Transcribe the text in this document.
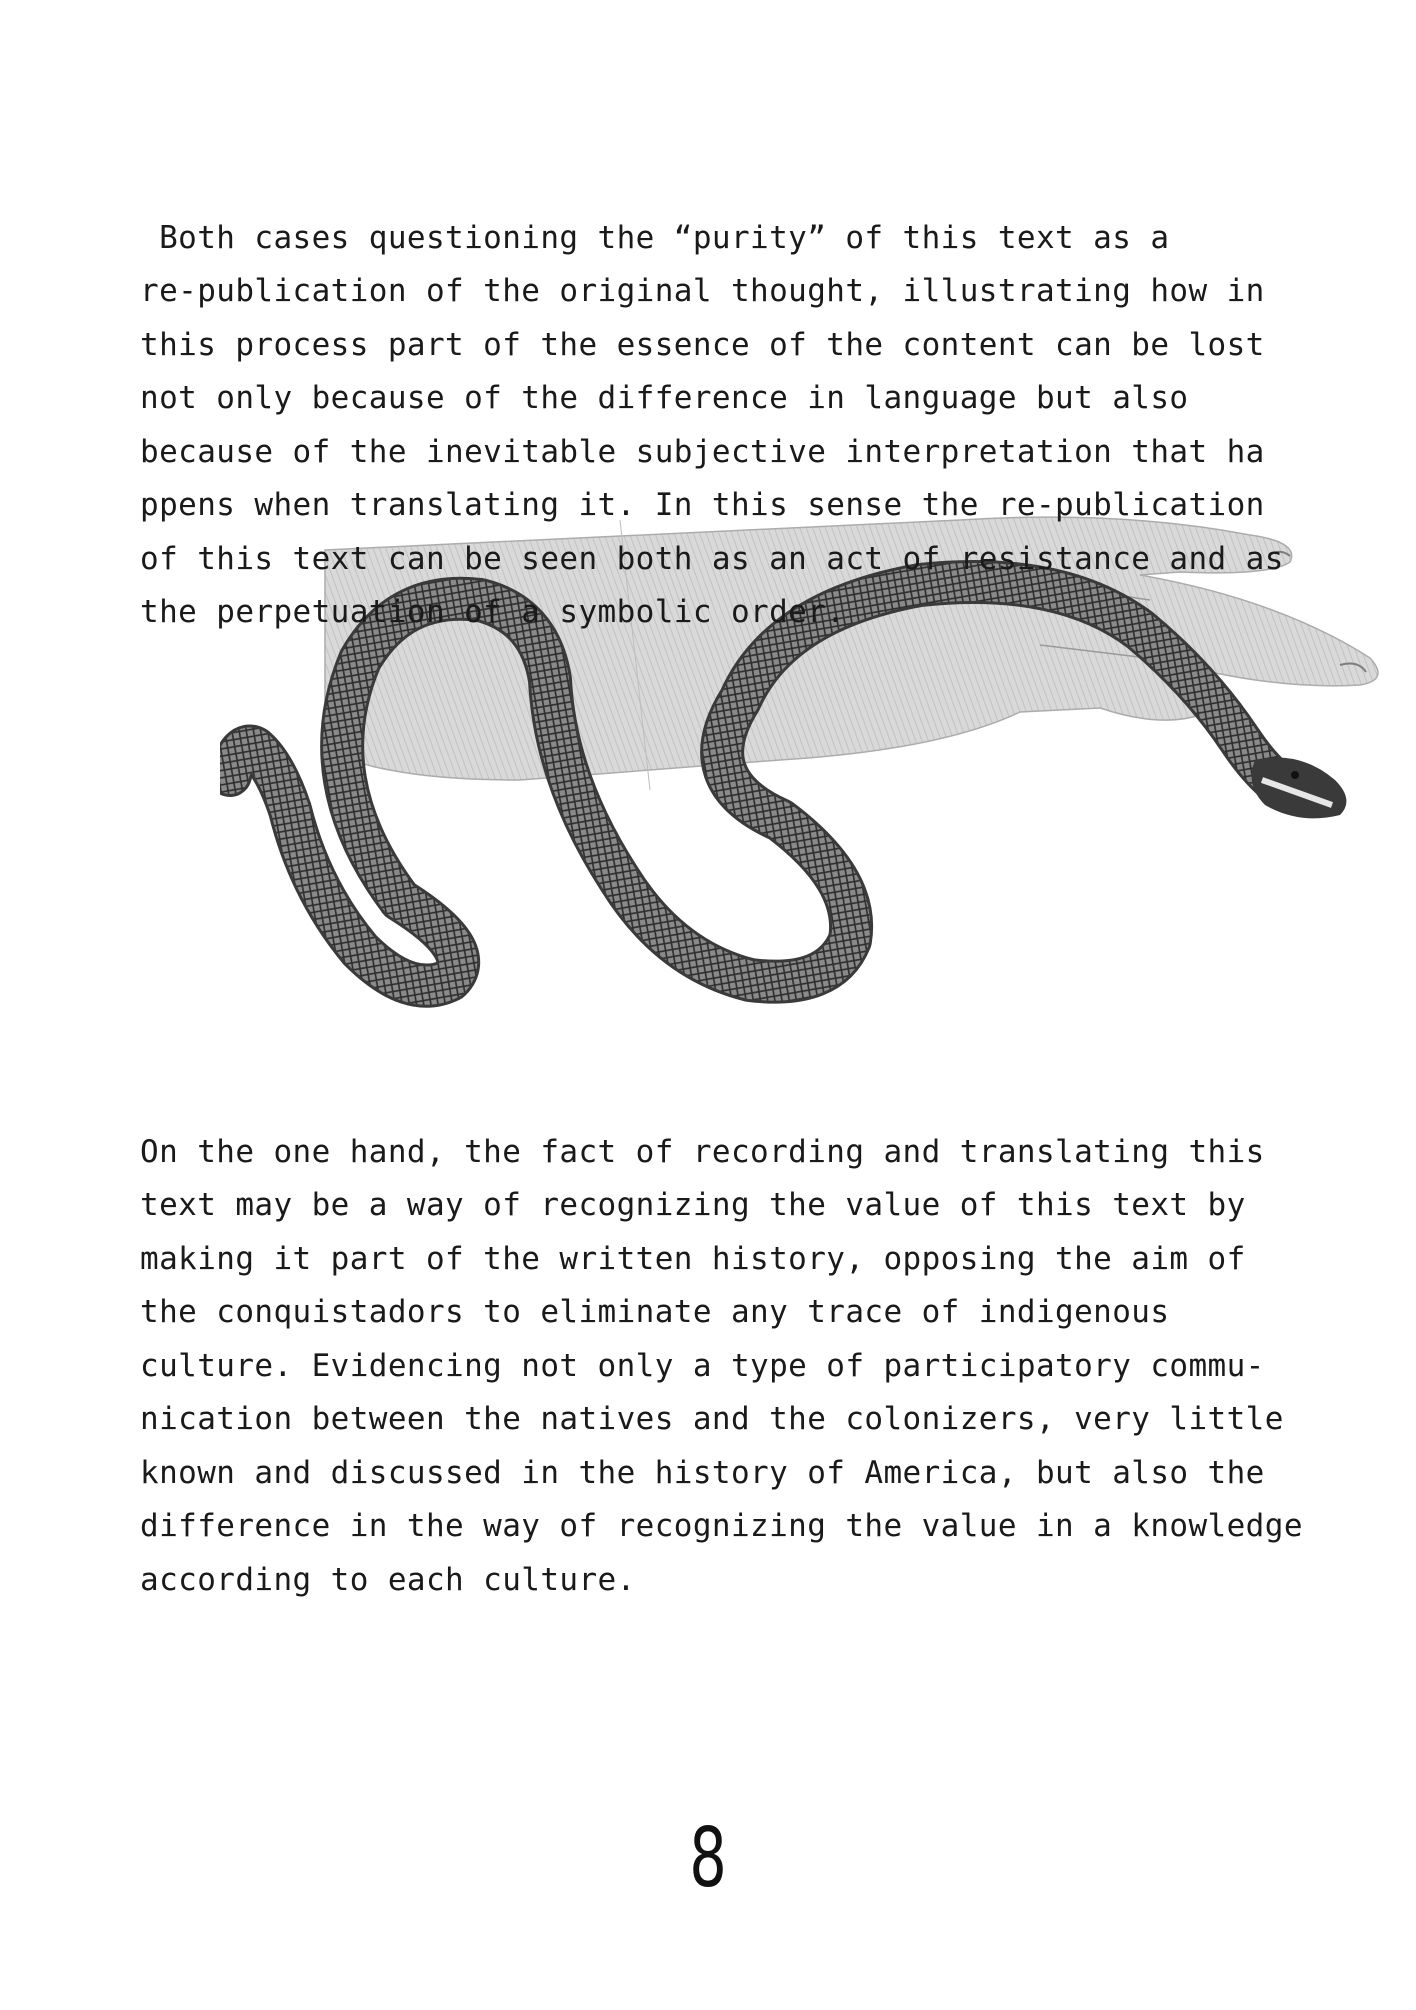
Both cases questioning the “purity” of this text as a
re-publication of the original thought, illustrating how in
this process part of the essence of the content can be lost
not only because of the difference in language but also
because of the inevitable subjective interpretation that ha
ppens when translating it. In this sense the re-publication
of this text can be seen both as an act of resistance and as
the perpetuation of a symbolic order.

On the one hand, the fact of recording and translating this
text may be a way of recognizing the value of this text by
making it part of the written history, opposing the aim of
the conquistadors to eliminate any trace of indigenous
culture. Evidencing not only a type of participatory commu-
nication between the natives and the colonizers, very little
known and discussed in the history of America, but also the
difference in the way of recognizing the value in a knowledge
according to each culture.

8
